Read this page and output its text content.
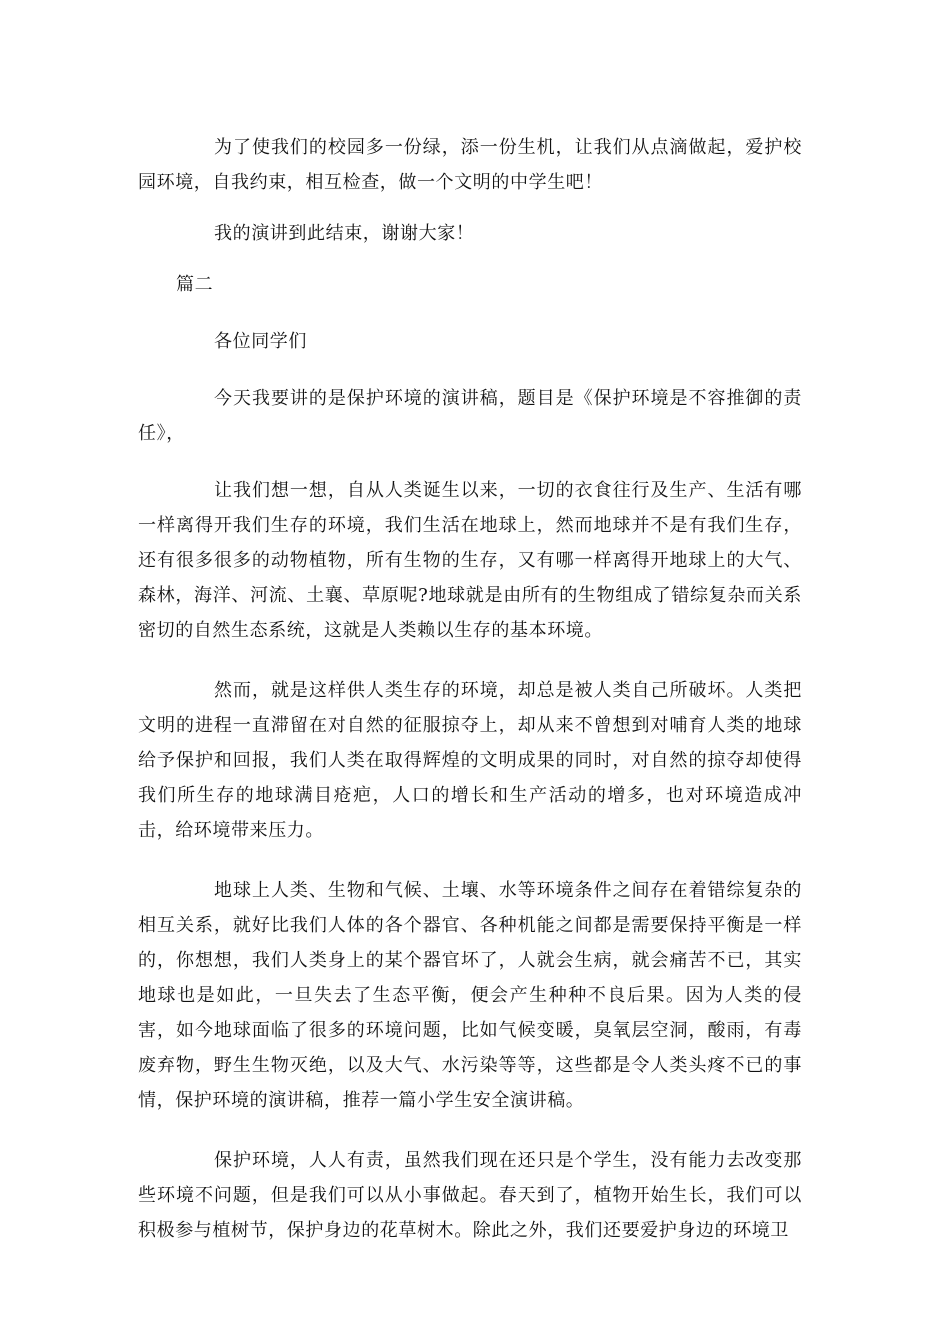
为了使我们的校园多一份绿，添一份生机，让我们从点滴做起，爱护校园环境，自我约束，相互检查，做一个文明的中学生吧！

我的演讲到此结束，谢谢大家！

篇二

各位同学们

今天我要讲的是保护环境的演讲稿，题目是《保护环境是不容推御的责任》，

让我们想一想，自从人类诞生以来，一切的衣食往行及生产、生活有哪一样离得开我们生存的环境，我们生活在地球上，然而地球并不是有我们生存，还有很多很多的动物植物，所有生物的生存，又有哪一样离得开地球上的大气、森林，海洋、河流、土襄、草原呢?地球就是由所有的生物组成了错综复杂而关系密切的自然生态系统，这就是人类赖以生存的基本环境。

然而，就是这样供人类生存的环境，却总是被人类自己所破坏。人类把文明的进程一直滞留在对自然的征服掠夺上，却从来不曾想到对哺育人类的地球给予保护和回报，我们人类在取得辉煌的文明成果的同时，对自然的掠夺却使得我们所生存的地球满目疮疤，人口的增长和生产活动的增多，也对环境造成冲击，给环境带来压力。

地球上人类、生物和气候、土壤、水等环境条件之间存在着错综复杂的相互关系，就好比我们人体的各个器官、各种机能之间都是需要保持平衡是一样的，你想想，我们人类身上的某个器官坏了，人就会生病，就会痛苦不已，其实地球也是如此，一旦失去了生态平衡，便会产生种种不良后果。因为人类的侵害，如今地球面临了很多的环境问题，比如气候变暖，臭氧层空洞，酸雨，有毒废弃物，野生生物灭绝，以及大气、水污染等等，这些都是令人类头疼不已的事情，保护环境的演讲稿，推荐一篇小学生安全演讲稿。

保护环境，人人有责，虽然我们现在还只是个学生，没有能力去改变那些环境不问题，但是我们可以从小事做起。春天到了，植物开始生长，我们可以积极参与植树节，保护身边的花草树木。除此之外，我们还要爱护身边的环境卫
